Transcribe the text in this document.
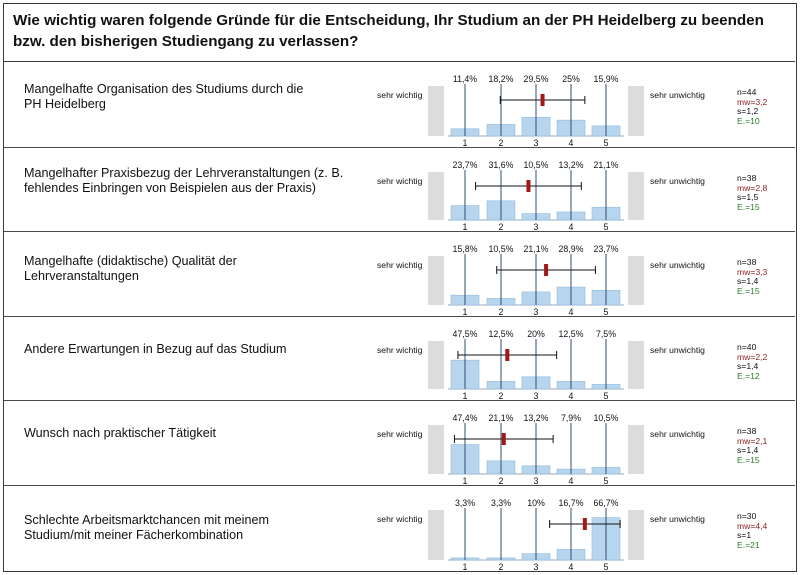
Wie wichtig waren folgende Gründe für die Entscheidung, Ihr Studium an der PH Heidelberg zu beenden bzw. den bisherigen Studiengang zu verlassen?
Mangelhafte Organisation des Studiums durch die PH Heidelberg
sehr wichtig	sehr unwichtig	n=44
mw=3,2
s=1,2
E.=10
11,4% 18,2% 29,5% 25% 15,9%
1	2	3	4	5
Mangelhafter Praxisbezug der Lehrveranstaltungen (z. B. fehlendes Einbringen von Beispielen aus der Praxis)	sehr wichtig	sehr unwichtig	n=38
mw=2,8
s=1,5
E.=15
23,7% 31,6% 10,5% 13,2% 21,1%
1	2	3	4	5
Mangelhafte (didaktische) Qualität der Lehrveranstaltungen
sehr wichtig	sehr unwichtig	n=38
mw=3,3
s=1,4
E.=15
15,8% 10,5% 21,1% 28,9% 23,7%
1	2	3	4	5
Andere Erwartungen in Bezug auf das Studium	sehr wichtig	sehr unwichtig	n=40
mw=2,2
s=1,4
E.=12
47,5% 12,5% 20% 12,5% 7,5%
1	2	3	4	5
Wunsch nach praktischer Tätigkeit	sehr wichtig	sehr unwichtig	n=38
mw=2,1
s=1,4
E.=15
47,4% 21,1% 13,2% 7,9% 10,5%
1	2	3	4	5
Schlechte Arbeitsmarktchancen mit meinem Studium/mit meiner Fächerkombination
sehr wichtig	sehr unwichtig	n=30
mw=4,4
s=1
E.=21
3,3% 3,3% 10% 16,7% 66,7%
1	2	3	4	5
